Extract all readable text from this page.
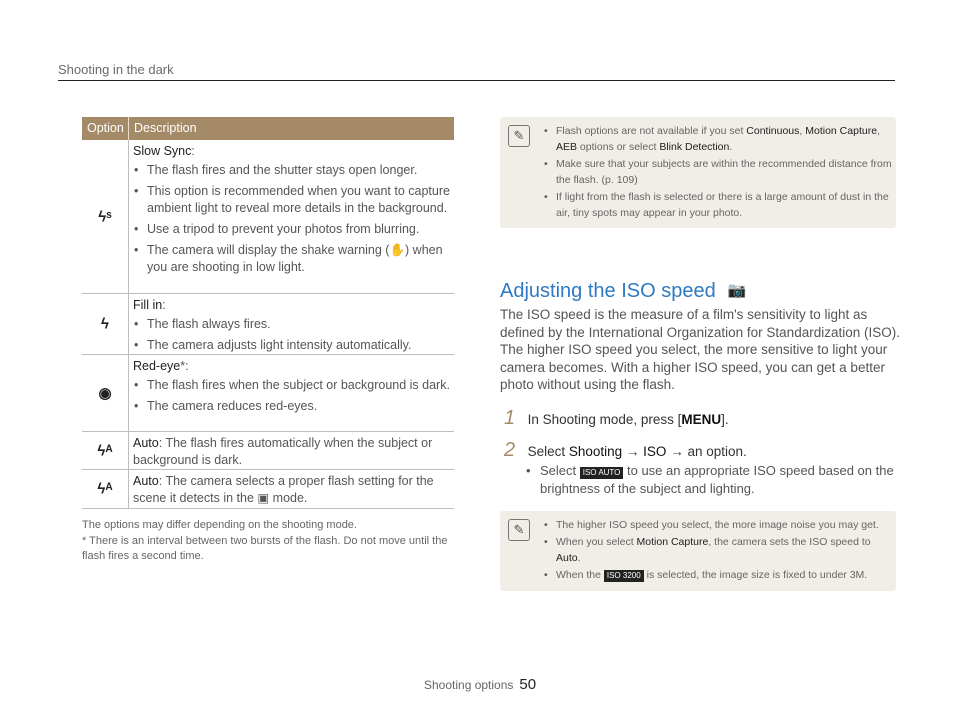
Shooting in the dark
Option Description
ϟˢ
Slow Sync:
• The flash fires and the shutter stays open longer.
• This option is recommended when you want to capture ambient light to reveal more details in the background.
• Use a tripod to prevent your photos from blurring.
• The camera will display the shake warning (✋) when you are shooting in low light.
ϟ
Fill in:
• The flash always fires.
• The camera adjusts light intensity automatically.
◉
Red-eye*:
• The flash fires when the subject or background is dark.
• The camera reduces red-eyes.
ϟᴬ Auto: The flash fires automatically when the subject or background is dark.
ϟᴬ Auto: The camera selects a proper flash setting for the scene it detects in the ▣ mode.
The options may differ depending on the shooting mode.
* There is an interval between two bursts of the flash. Do not move until the flash fires a second time.
✎	• Flash options are not available if you set Continuous, Motion Capture, AEB options or select Blink Detection.
• Make sure that your subjects are within the recommended distance from the flash. (p. 109)
• If light from the flash is selected or there is a large amount of dust in the air, tiny spots may appear in your photo.
Adjusting the ISO speed 📷
The ISO speed is the measure of a film's sensitivity to light as defined by the International Organization for Standardization (ISO). The higher ISO speed you select, the more sensitive to light your camera becomes. With a higher ISO speed, you can get a better photo without using the flash.
1 In Shooting mode, press [MENU].
2 Select Shooting → ISO → an option.
• Select ISO AUTO to use an appropriate ISO speed based on the brightness of the subject and lighting.
✎	• The higher ISO speed you select, the more image noise you may get.
• When you select Motion Capture, the camera sets the ISO speed to Auto.
• When the ISO 3200 is selected, the image size is fixed to under 3M.
Shooting options 50
